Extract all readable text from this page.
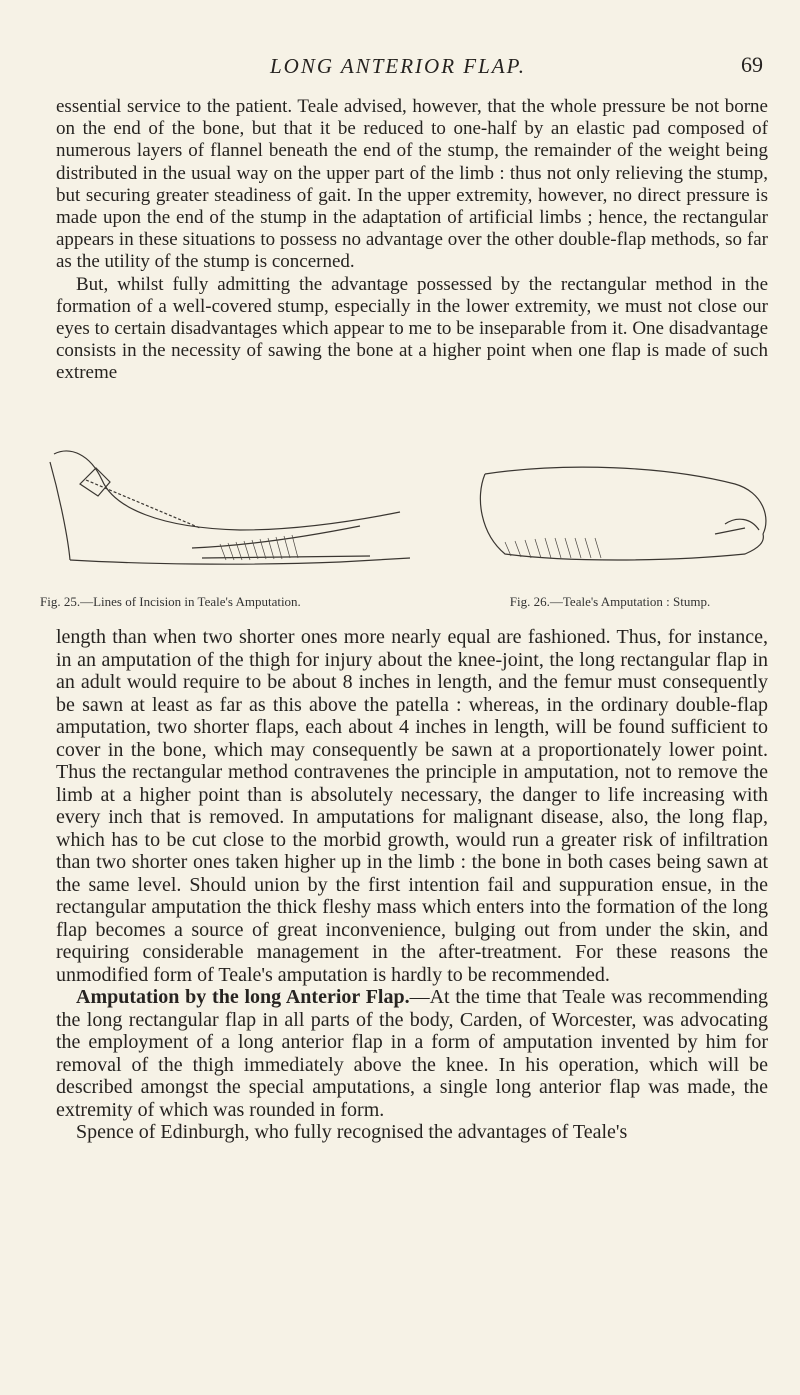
LONG ANTERIOR FLAP.	69

essential service to the patient. Teale advised, however, that the whole pressure be not borne on the end of the bone, but that it be reduced to one-half by an elastic pad composed of numerous layers of flannel beneath the end of the stump, the remainder of the weight being distributed in the usual way on the upper part of the limb : thus not only relieving the stump, but securing greater steadiness of gait. In the upper extremity, however, no direct pressure is made upon the end of the stump in the adaptation of artificial limbs ; hence, the rectangular appears in these situations to possess no advantage over the other double-flap methods, so far as the utility of the stump is concerned.

But, whilst fully admitting the advantage possessed by the rectangular method in the formation of a well-covered stump, especially in the lower extremity, we must not close our eyes to certain disadvantages which appear to me to be inseparable from it. One disadvantage consists in the necessity of sawing the bone at a higher point when one flap is made of such extreme

Fig. 25.—Lines of Incision in Teale's Amputation.	Fig. 26.—Teale's Amputation : Stump.

length than when two shorter ones more nearly equal are fashioned. Thus, for instance, in an amputation of the thigh for injury about the knee-joint, the long rectangular flap in an adult would require to be about 8 inches in length, and the femur must consequently be sawn at least as far as this above the patella : whereas, in the ordinary double-flap amputation, two shorter flaps, each about 4 inches in length, will be found sufficient to cover in the bone, which may consequently be sawn at a proportionately lower point. Thus the rectangular method contravenes the principle in amputation, not to remove the limb at a higher point than is absolutely necessary, the danger to life increasing with every inch that is removed. In amputations for malignant disease, also, the long flap, which has to be cut close to the morbid growth, would run a greater risk of infiltration than two shorter ones taken higher up in the limb : the bone in both cases being sawn at the same level. Should union by the first intention fail and suppuration ensue, in the rectangular amputation the thick fleshy mass which enters into the formation of the long flap becomes a source of great inconvenience, bulging out from under the skin, and requiring considerable management in the after-treatment. For these reasons the unmodified form of Teale's amputation is hardly to be recommended.

Amputation by the long Anterior Flap.—At the time that Teale was recommending the long rectangular flap in all parts of the body, Carden, of Worcester, was advocating the employment of a long anterior flap in a form of amputation invented by him for removal of the thigh immediately above the knee. In his operation, which will be described amongst the special amputations, a single long anterior flap was made, the extremity of which was rounded in form.

Spence of Edinburgh, who fully recognised the advantages of Teale's
